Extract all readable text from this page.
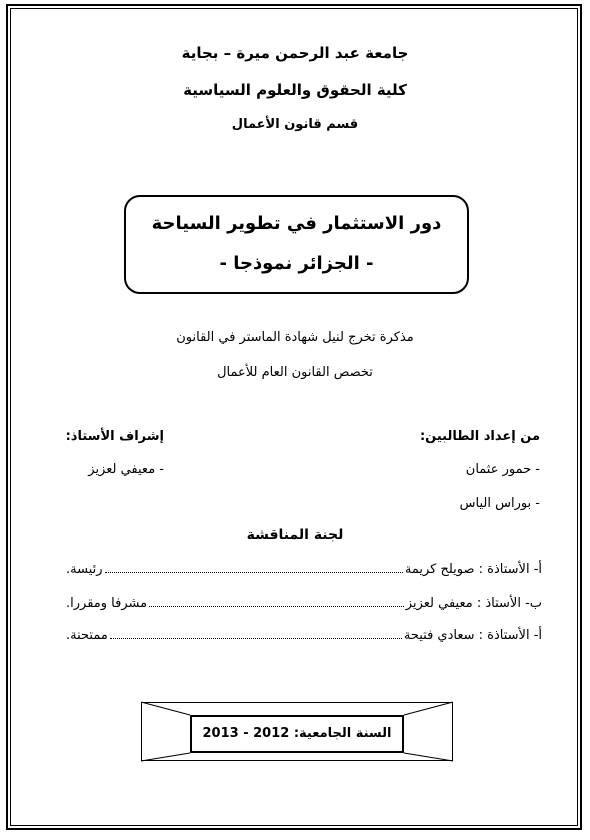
جامعة عبد الرحمن ميرة – بجاية
كلية الحقوق والعلوم السياسية
قسم قانون الأعمال
دور الاستثمار في تطوير السياحة
- الجزائر نموذجا -
مذكرة تخرج لنيل شهادة الماستر في القانون
تخصص القانون العام للأعمال
من إعداد الطالبين:
إشراف الأستاذ:
- حمور عثمان
- بوراس الياس
- معيفي لعزيز
لجنة المناقشة
أ- الأستاذة : صويلح كريمة
رئيسة.
ب- الأستاذ : معيفي لعزيز
مشرفا ومقررا.
أ- الأستاذة : سعادي فتيحة
ممتحنة.
السنة الجامعية: 2012 - 2013
